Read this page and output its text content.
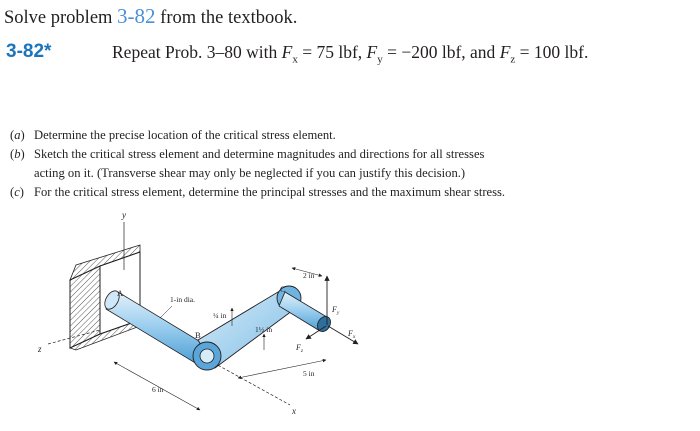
Solve problem 3-82 from the textbook.
3-82*	Repeat Prob. 3–80 with $F_x = 75$ lbf, $F_y = -200$ lbf, and $F_z = 100$ lbf.
(a) Determine the precise location of the critical stress element.
(b) Sketch the critical stress element and determine magnitudes and directions for all stresses
acting on it. (Transverse shear may only be neglected if you can justify this decision.)
(c) For the critical stress element, determine the principal stresses and the maximum shear stress.
y
z
x
A
B
C
1-in dia.
¼ in
1½ in
2 in
5 in
6 in
$F_y$
$F_x$
$F_z$
